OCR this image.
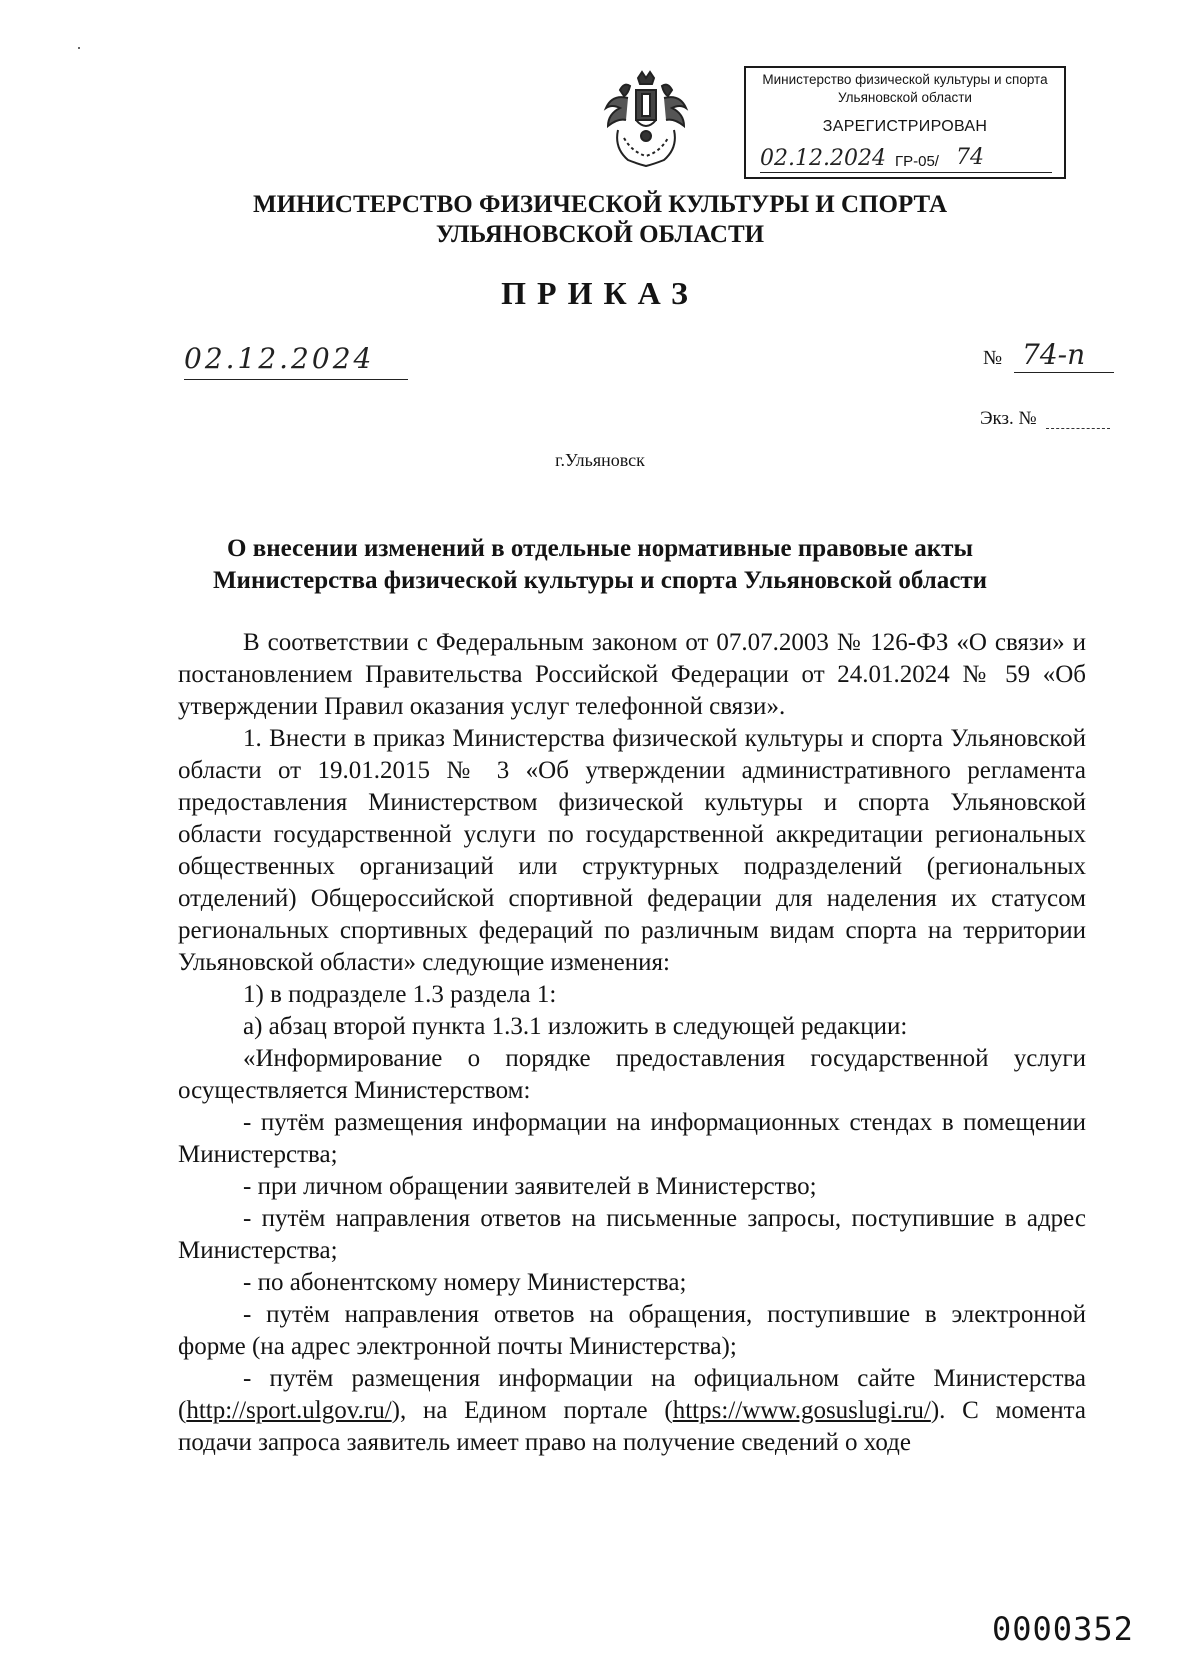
Министерство физической культуры и спорта
Ульяновской области
ЗАРЕГИСТРИРОВАН
02.12.2024 ГР-05/ 74
МИНИСТЕРСТВО ФИЗИЧЕСКОЙ КУЛЬТУРЫ И СПОРТА
УЛЬЯНОВСКОЙ ОБЛАСТИ
ПРИКАЗ
02.12.2024	№ 74-п
Экз. №
г.Ульяновск
О внесении изменений в отдельные нормативные правовые акты
Министерства физической культуры и спорта Ульяновской области

В соответствии с Федеральным законом от 07.07.2003 № 126-ФЗ «О связи» и постановлением Правительства Российской Федерации от 24.01.2024 № 59 «Об утверждении Правил оказания услуг телефонной связи».

1. Внести в приказ Министерства физической культуры и спорта Ульяновской области от 19.01.2015 № 3 «Об утверждении административного регламента предоставления Министерством физической культуры и спорта Ульяновской области государственной услуги по государственной аккредитации региональных общественных организаций или структурных подразделений (региональных отделений) Общероссийской спортивной федерации для наделения их статусом региональных спортивных федераций по различным видам спорта на территории Ульяновской области» следующие изменения:

1) в подразделе 1.3 раздела 1:

а) абзац второй пункта 1.3.1 изложить в следующей редакции:

«Информирование о порядке предоставления государственной услуги осуществляется Министерством:

- путём размещения информации на информационных стендах в помещении Министерства;

- при личном обращении заявителей в Министерство;

- путём направления ответов на письменные запросы, поступившие в адрес Министерства;

- по абонентскому номеру Министерства;

- путём направления ответов на обращения, поступившие в электронной форме (на адрес электронной почты Министерства);

- путём размещения информации на официальном сайте Министерства (http://sport.ulgov.ru/), на Едином портале (https://www.gosuslugi.ru/). С момента подачи запроса заявитель имеет право на получение сведений о ходе

0000352
